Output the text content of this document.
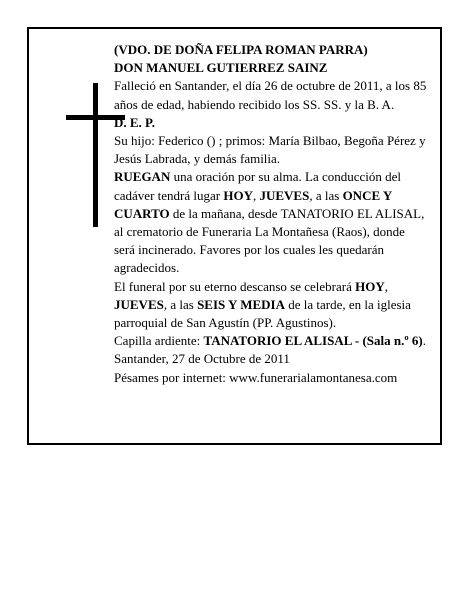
(VDO. DE DOÑA FELIPA ROMAN PARRA)

DON MANUEL GUTIERREZ SAINZ

Falleció en Santander, el día 26 de octubre de 2011, a los 85 años de edad, habiendo recibido los SS. SS. y la B. A.

D. E. P.

Su hijo: Federico () ; primos: María Bilbao, Begoña Pérez y Jesús Labrada, y demás familia.

RUEGAN una oración por su alma. La conducción del cadáver tendrá lugar HOY, JUEVES, a las ONCE Y CUARTO de la mañana, desde TANATORIO EL ALISAL, al crematorio de Funeraria La Montañesa (Raos), donde será incinerado. Favores por los cuales les quedarán agradecidos.

El funeral por su eterno descanso se celebrará HOY, JUEVES, a las SEIS Y MEDIA de la tarde, en la iglesia parroquial de San Agustín (PP. Agustinos).

Capilla ardiente: TANATORIO EL ALISAL - (Sala n.º 6).

Santander, 27 de Octubre de 2011

Pésames por internet: www.funerarialamontanesa.com
